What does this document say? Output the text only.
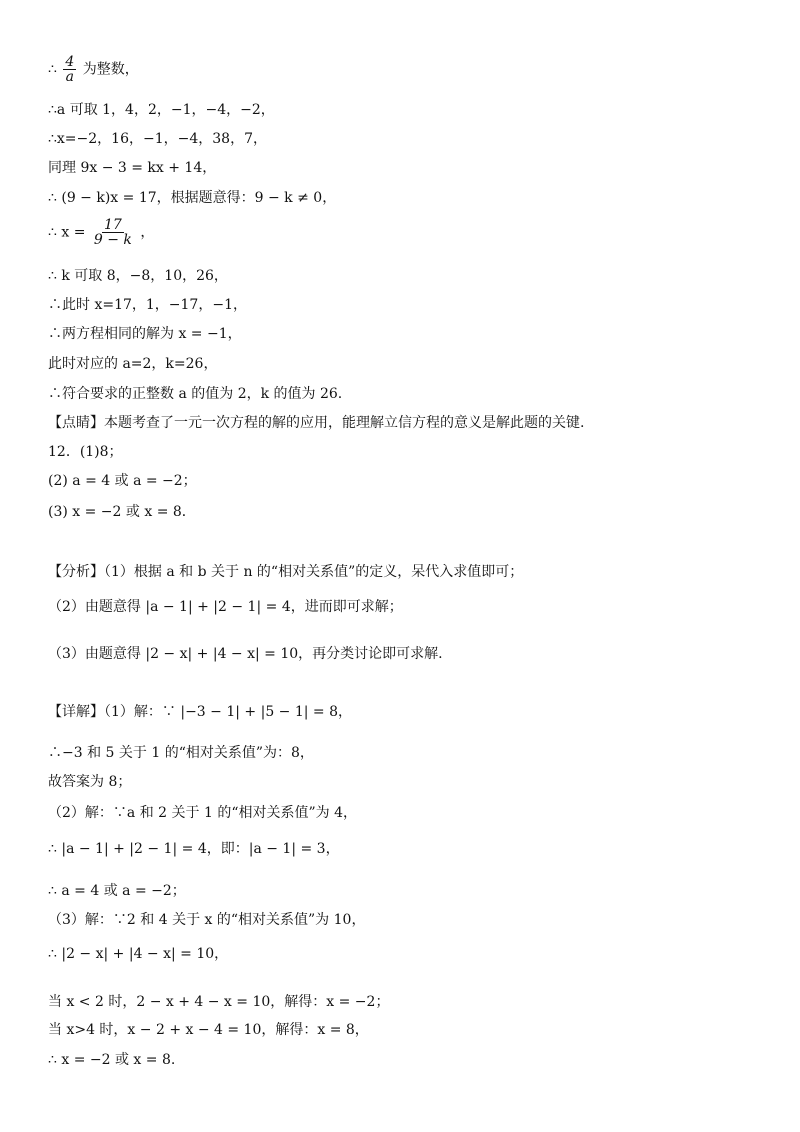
∴ $\frac{4}{a}$ 为整数，
∴a 可取 1，4，2，−1，−4，−2，
∴x=−2，16，−1，−4，38，7，
同理 9x − 3 = kx + 14，
∴ (9 − k)x = 17，根据题意得：9 − k ≠ 0，
∴ $x = \frac{17}{9 - k}$ ，
∴ k 可取 8，−8，10，26，
∴此时 x=17，1，−17，−1，
∴两方程相同的解为 x = −1，
此时对应的 a=2，k=26，
∴符合要求的正整数 a 的值为 2，k 的值为 26.
【点睛】本题考查了一元一次方程的解的应用，能理解立信方程的意义是解此题的关键.
12．(1)8；
(2) a = 4 或 a = −2；
(3) x = −2 或 x = 8．
【分析】（1）根据 a 和 b 关于 n 的“相对关系值”的定义，呆代入求值即可；
（2）由题意得 |a − 1| + |2 − 1| = 4，进而即可求解；
（3）由题意得 |2 − x| + |4 − x| = 10，再分类讨论即可求解.
【详解】（1）解：∵ |−3 − 1| + |5 − 1| = 8，
∴−3 和 5 关于 1 的“相对关系值”为：8，
故答案为 8；
（2）解：∵a 和 2 关于 1 的“相对关系值”为 4，
∴ |a − 1| + |2 − 1| = 4，即：|a − 1| = 3，
∴ a = 4 或 a = −2；
（3）解：∵2 和 4 关于 x 的“相对关系值”为 10，
∴ |2 − x| + |4 − x| = 10，
当 x < 2 时，2 − x + 4 − x = 10，解得：x = −2；
当 x>4 时，x − 2 + x − 4 = 10，解得：x = 8，
∴ x = −2 或 x = 8.
